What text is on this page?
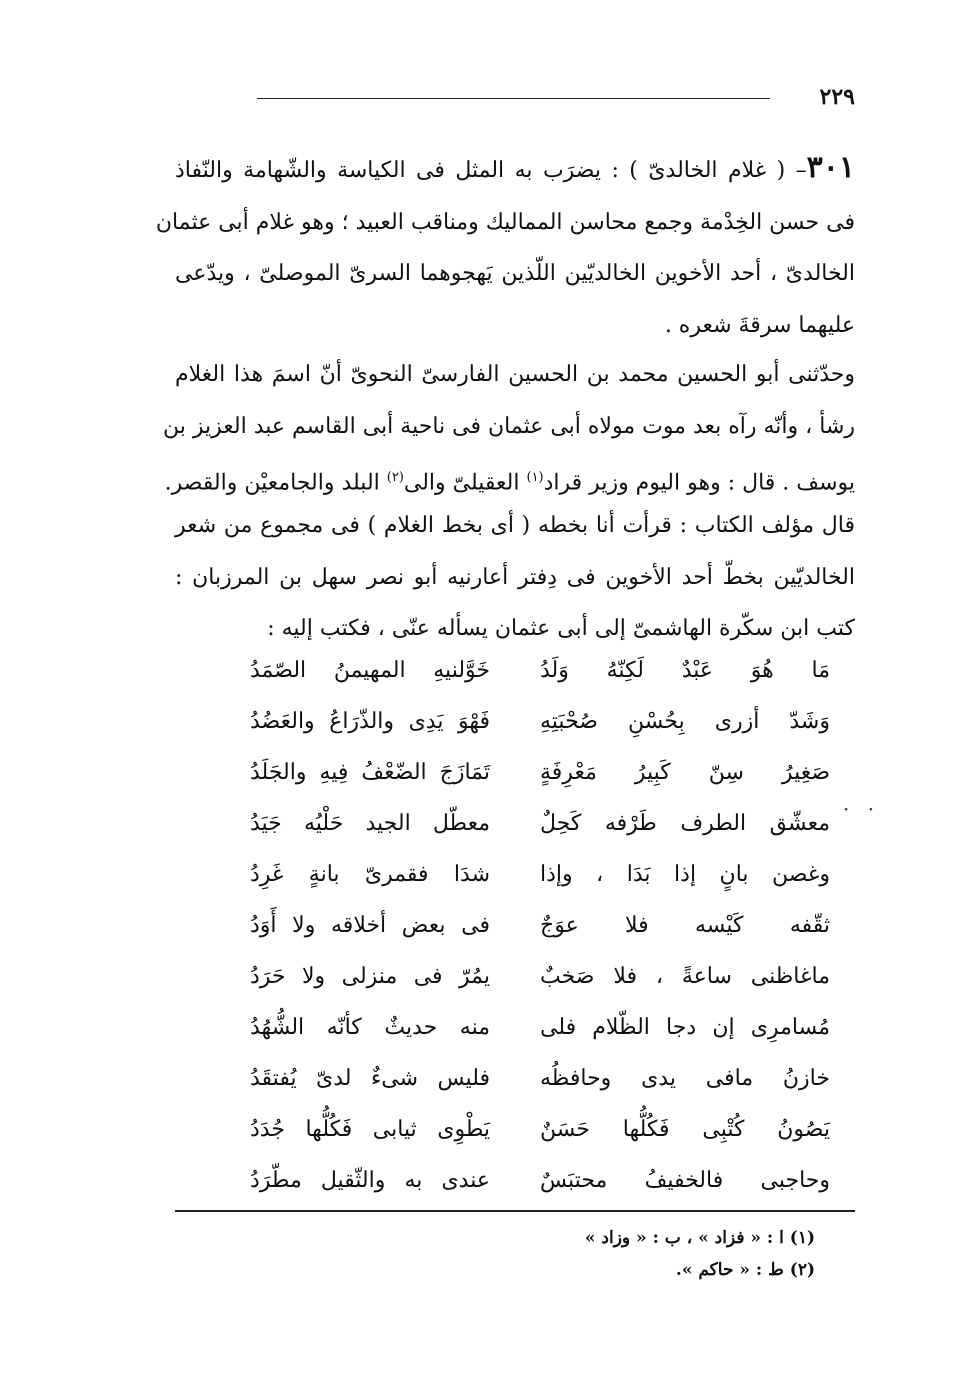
٢٢٩
٣٠١– ( غلام الخالدىّ ) : يضرَب به المثل فى الكياسة والشّهامة والنّفاذ
فى حسن الخِدْمة وجمع محاسن المماليك ومناقب العبيد ؛ وهو غلام أبى عثمان
الخالدىّ ، أحد الأخوين الخالديّين اللّذين يَهجوهما السرىّ الموصلىّ ، ويدّعى
عليهما سرقةَ شعره .
وحدّثنى أبو الحسين محمد بن الحسين الفارسىّ النحوىّ أنّ اسمَ هذا الغلام
رشأ ، وأنّه رآه بعد موت مولاه أبى عثمان فى ناحية أبى القاسم عبد العزيز بن
يوسف . قال : وهو اليوم وزير قراد$^{(١)}$ العقيلىّ والى$^{(٢)}$ البلد والجامعيْن والقصر.
قال مؤلف الكتاب : قرأت أنا بخطه ( أى بخط الغلام ) فى مجموع من شعر
الخالديّين بخطّ أحد الأخوين فى دِفتر أعارنيه أبو نصر سهل بن المرزبان :
كتب ابن سكّرة الهاشمىّ إلى أبى عثمان يسأله عنّى ، فكتب إليه :
مَا هُوَ عَبْدٌ لَكِنّهُ وَلَدُ
خَوَّلنيهِ المهيمنُ الصّمَدُ
وَشَدّ أزرى بِحُسْنِ صُحْبَتِهِ
فَهْوَ يَدِى والذّرَاعُ والعَضُدُ
صَغِيرُ سِنّ كَبِيرُ مَعْرِفَةٍ
تَمَازَجَ الضّعْفُ فِيهِ والجَلَدُ
معشّق الطرف طَرْفه كَحِلٌ
معطّل الجيد حَلْيُه جَيَدُ
وغصن بانٍ إذا بَدَا ، وإذا
شدَا فقمرىّ بانةٍ غَرِدُ
ثقّفه كَيْسه فلا عوَجٌ
فى بعض أخلاقه ولا أَوَدُ
ماغاظنى ساعةً ، فلا صَخبٌ
يمُرّ فى منزلى ولا حَرَدُ
مُسامرِى إن دجا الظّلام فلى
منه حديثٌ كأنّه الشُّهُدُ
خازنُ مافى يدى وحافظُه
فليس شىءٌ لدىّ يُفتقَدُ
يَصُونُ كُتْبِى فَكُلُّها حَسَنٌ
يَطْوِى ثيابى فَكُلُّها جُدَدُ
وحاجبى فالخفيفُ محتبَسٌ
عندى به والثّقيل مطّرَدُ
· ·
(١) ا : « فزاد » ، ب : « وزاد »
(٢) ط : « حاكم ».
